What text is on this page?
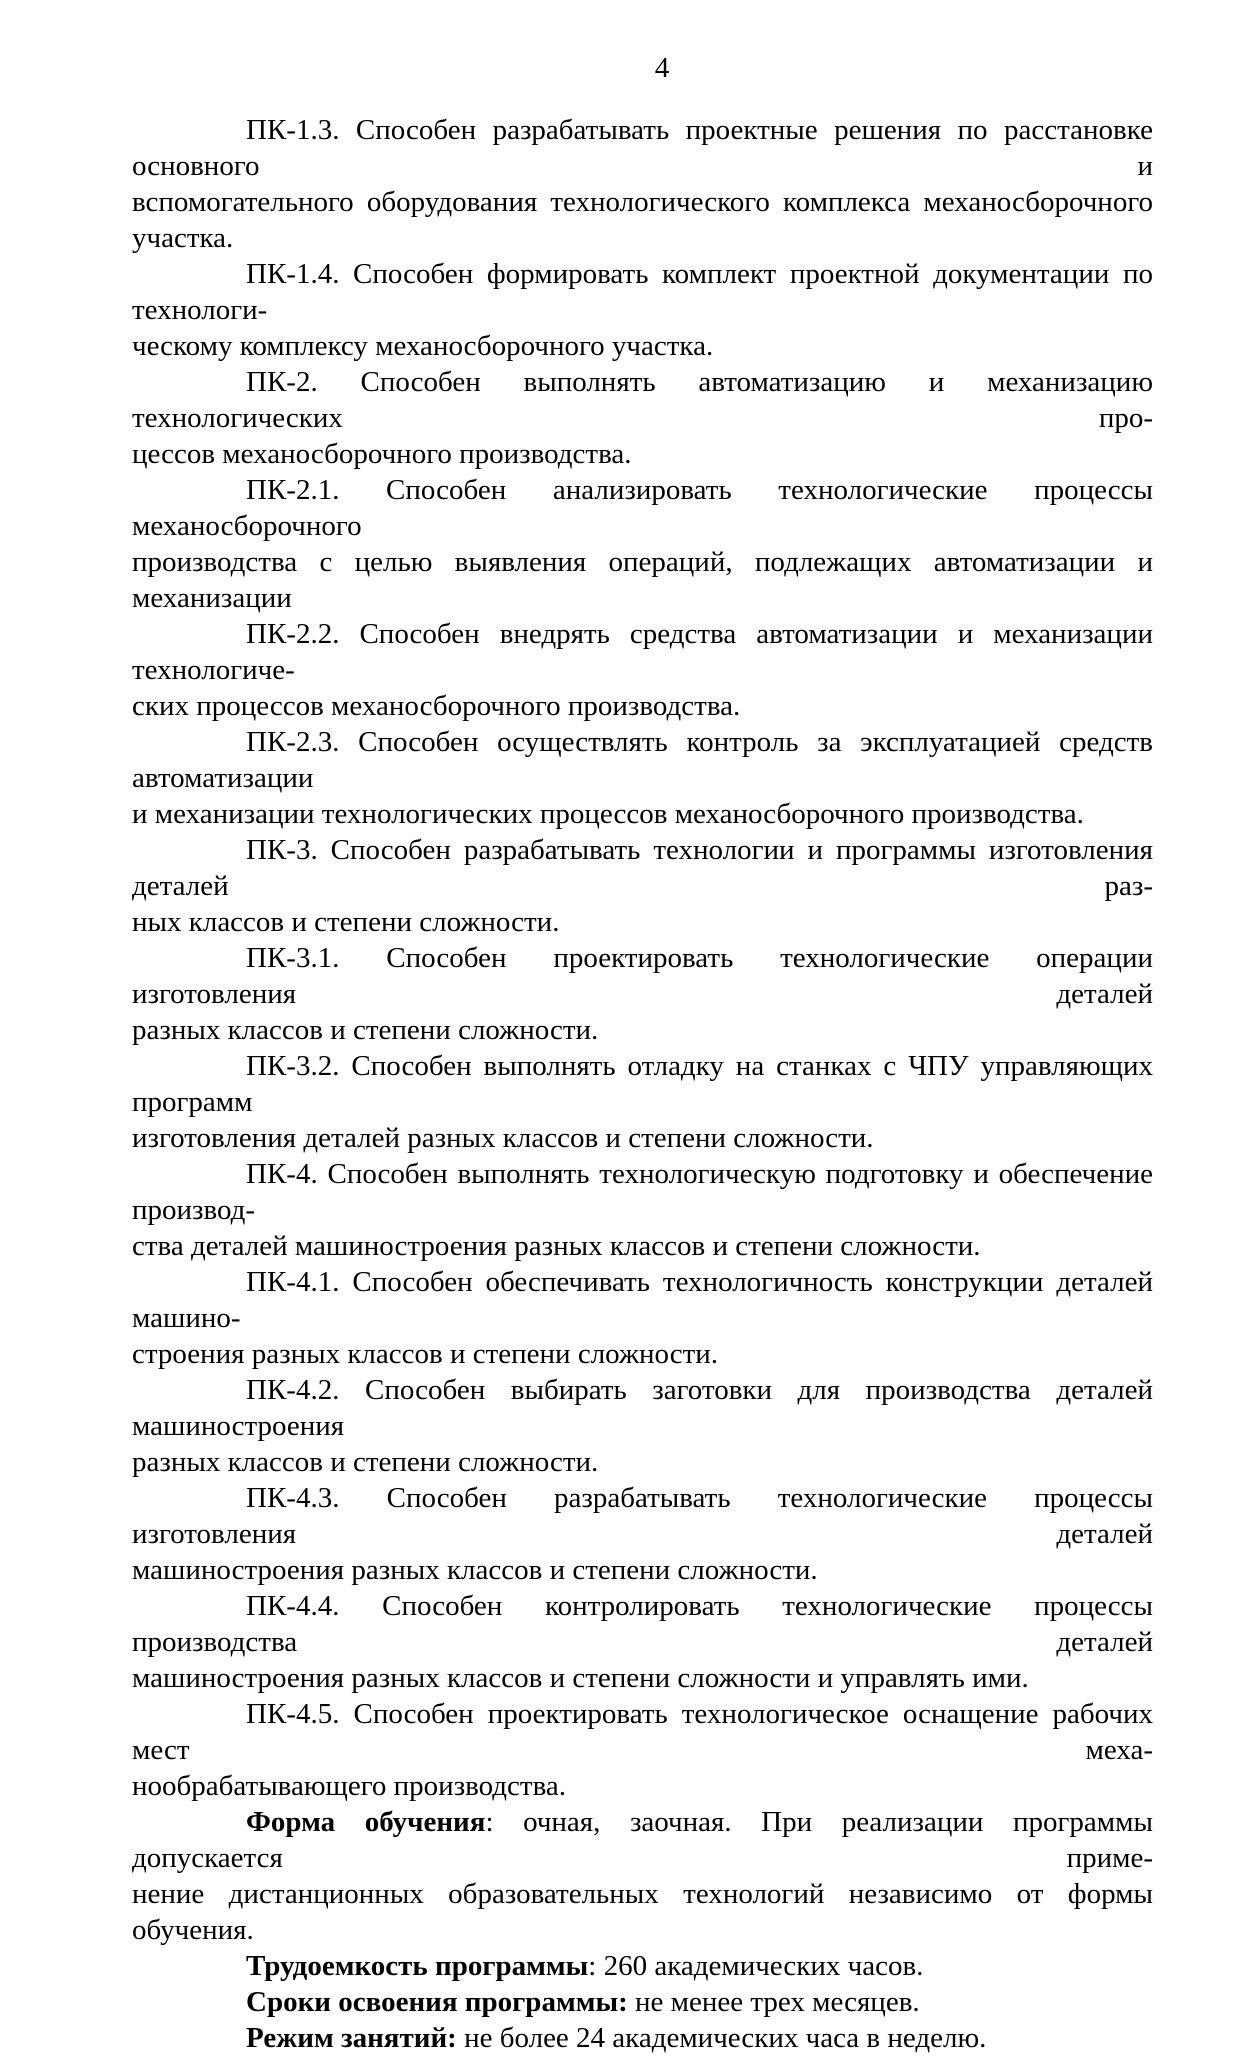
4
ПК-1.3. Способен разрабатывать проектные решения по расстановке основного и
вспомогательного оборудования технологического комплекса механосборочного участка.
ПК-1.4. Способен формировать комплект проектной документации по технологи-
ческому комплексу механосборочного участка.
ПК-2. Способен выполнять автоматизацию и механизацию технологических про-
цессов механосборочного производства.
ПК-2.1. Способен анализировать технологические процессы механосборочного
производства с целью выявления операций, подлежащих автоматизации и механизации
ПК-2.2. Способен внедрять средства автоматизации и механизации технологиче-
ских процессов механосборочного производства.
ПК-2.3. Способен осуществлять контроль за эксплуатацией средств автоматизации
и механизации технологических процессов механосборочного производства.
ПК-3. Способен разрабатывать технологии и программы изготовления деталей раз-
ных классов и степени сложности.
ПК-3.1. Способен проектировать технологические операции изготовления деталей
разных классов и степени сложности.
ПК-3.2. Способен выполнять отладку на станках с ЧПУ управляющих программ
изготовления деталей разных классов и степени сложности.
ПК-4. Способен выполнять технологическую подготовку и обеспечение производ-
ства деталей машиностроения разных классов и степени сложности.
ПК-4.1. Способен обеспечивать технологичность конструкции деталей машино-
строения разных классов и степени сложности.
ПК-4.2. Способен выбирать заготовки для производства деталей машиностроения
разных классов и степени сложности.
ПК-4.3. Способен разрабатывать технологические процессы изготовления деталей
машиностроения разных классов и степени сложности.
ПК-4.4. Способен контролировать технологические процессы производства деталей
машиностроения разных классов и степени сложности и управлять ими.
ПК-4.5. Способен проектировать технологическое оснащение рабочих мест меха-
нообрабатывающего производства.
Форма обучения: очная, заочная. При реализации программы допускается приме-
нение дистанционных образовательных технологий независимо от формы обучения.
Трудоемкость программы: 260 академических часов.
Сроки освоения программы: не менее трех месяцев.
Режим занятий: не более 24 академических часа в неделю.
